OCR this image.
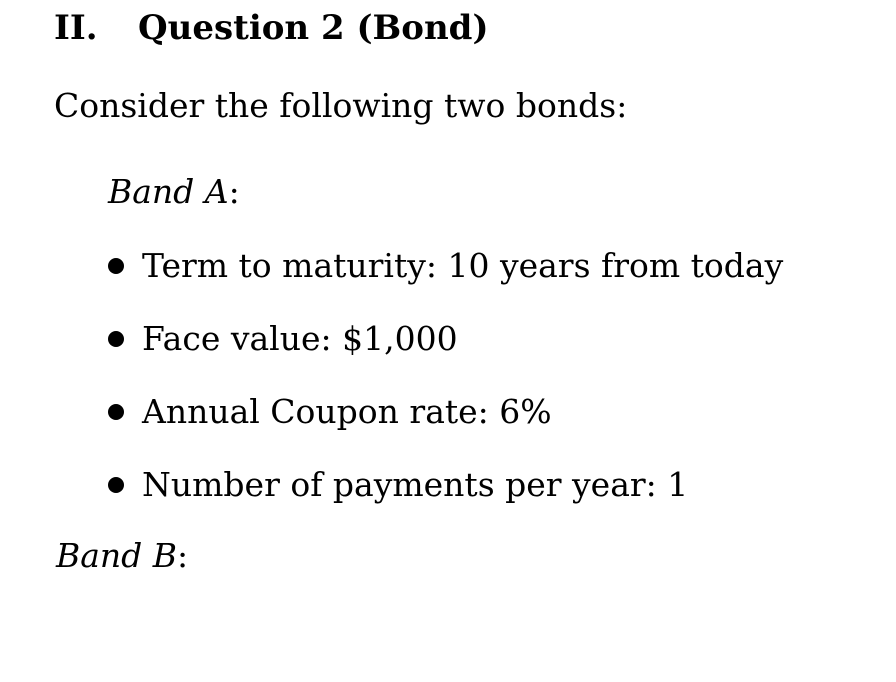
II. Question 2 (Bond)
Consider the following two bonds:
Band A:
Term to maturity: 10 years from today
Face value: $1,000
Annual Coupon rate: 6%
Number of payments per year: 1
Band B:
